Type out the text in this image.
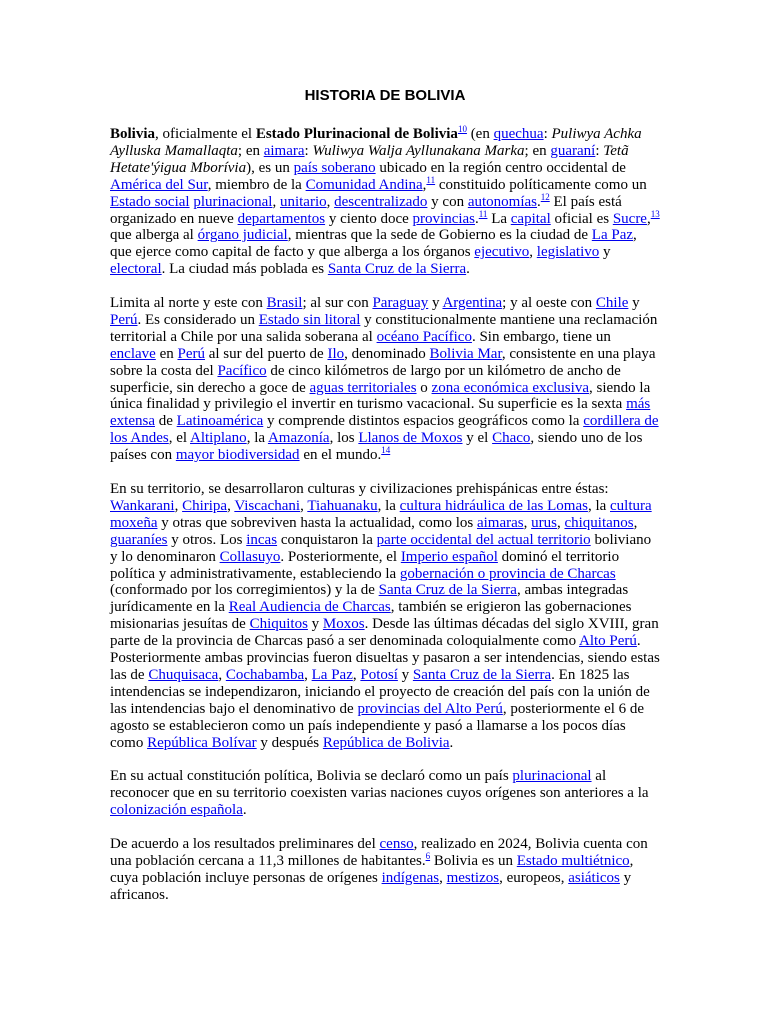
HISTORIA DE BOLIVIA

Bolivia, oficialmente el Estado Plurinacional de Bolivia$^{10}$ (en quechua: Puliwya Achka Aylluska Mamallaqta; en aimara: Wuliwya Walja Ayllunakana Marka; en guaraní: Tetã Hetate'ýigua Mborívia), es un país soberano ubicado en la región centro occidental de América del Sur, miembro de la Comunidad Andina,$^{11}$ constituido políticamente como un Estado social plurinacional, unitario, descentralizado y con autonomías.$^{12}$ El país está organizado en nueve departamentos y ciento doce provincias.$^{11}$ La capital oficial es Sucre,$^{13}$ que alberga al órgano judicial, mientras que la sede de Gobierno es la ciudad de La Paz, que ejerce como capital de facto y que alberga a los órganos ejecutivo, legislativo y electoral. La ciudad más poblada es Santa Cruz de la Sierra.

Limita al norte y este con Brasil; al sur con Paraguay y Argentina; y al oeste con Chile y Perú. Es considerado un Estado sin litoral y constitucionalmente mantiene una reclamación territorial a Chile por una salida soberana al océano Pacífico. Sin embargo, tiene un enclave en Perú al sur del puerto de Ilo, denominado Bolivia Mar, consistente en una playa sobre la costa del Pacífico de cinco kilómetros de largo por un kilómetro de ancho de superficie, sin derecho a goce de aguas territoriales o zona económica exclusiva, siendo la única finalidad y privilegio el invertir en turismo vacacional. Su superficie es la sexta más extensa de Latinoamérica y comprende distintos espacios geográficos como la cordillera de los Andes, el Altiplano, la Amazonía, los Llanos de Moxos y el Chaco, siendo uno de los países con mayor biodiversidad en el mundo.$^{14}$

En su territorio, se desarrollaron culturas y civilizaciones prehispánicas entre éstas: Wankarani, Chiripa, Viscachani, Tiahuanaku, la cultura hidráulica de las Lomas, la cultura moxeña y otras que sobreviven hasta la actualidad, como los aimaras, urus, chiquitanos, guaraníes y otros. Los incas conquistaron la parte occidental del actual territorio boliviano y lo denominaron Collasuyo. Posteriormente, el Imperio español dominó el territorio política y administrativamente, estableciendo la gobernación o provincia de Charcas (conformado por los corregimientos) y la de Santa Cruz de la Sierra, ambas integradas jurídicamente en la Real Audiencia de Charcas, también se erigieron las gobernaciones misionarias jesuítas de Chiquitos y Moxos. Desde las últimas décadas del siglo XVIII, gran parte de la provincia de Charcas pasó a ser denominada coloquialmente como Alto Perú. Posteriormente ambas provincias fueron disueltas y pasaron a ser intendencias, siendo estas las de Chuquisaca, Cochabamba, La Paz, Potosí y Santa Cruz de la Sierra. En 1825 las intendencias se independizaron, iniciando el proyecto de creación del país con la unión de las intendencias bajo el denominativo de provincias del Alto Perú, posteriormente el 6 de agosto se establecieron como un país independiente y pasó a llamarse a los pocos días como República Bolívar y después República de Bolivia.

En su actual constitución política, Bolivia se declaró como un país plurinacional al reconocer que en su territorio coexisten varias naciones cuyos orígenes son anteriores a la colonización española.

De acuerdo a los resultados preliminares del censo, realizado en 2024, Bolivia cuenta con una población cercana a 11,3 millones de habitantes.$^6$ Bolivia es un Estado multiétnico, cuya población incluye personas de orígenes indígenas, mestizos, europeos, asiáticos y africanos.
